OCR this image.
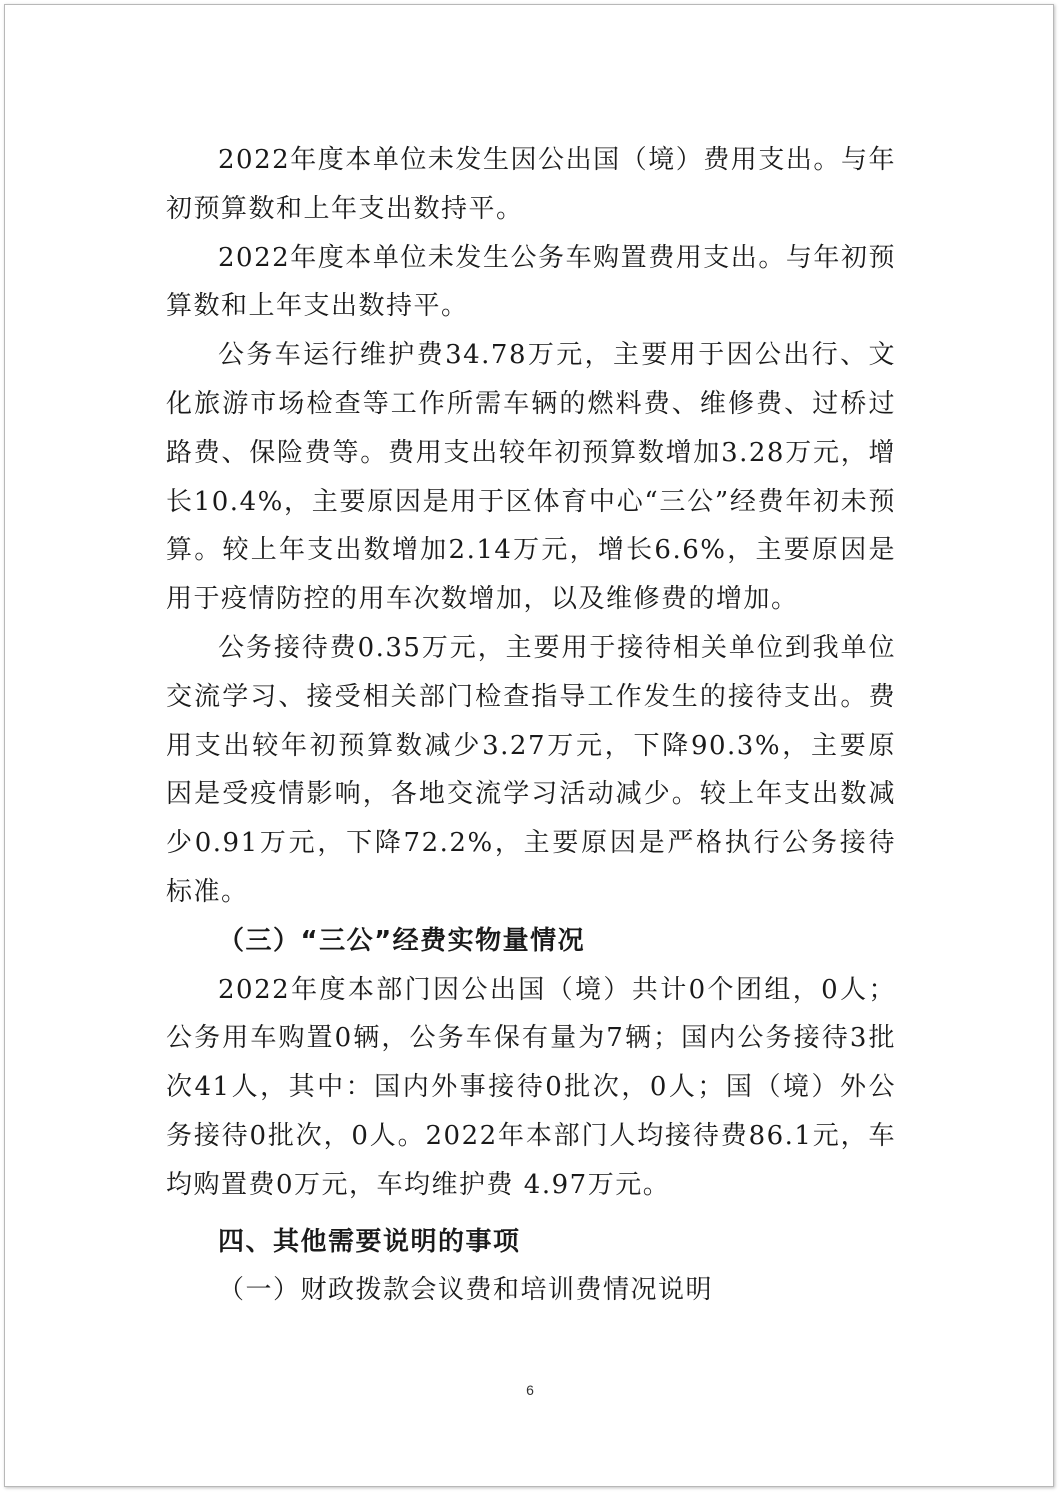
2022年度本单位未发生因公出国（境）费用支出。与年初预算数和上年支出数持平。

2022年度本单位未发生公务车购置费用支出。与年初预算数和上年支出数持平。

公务车运行维护费34.78万元，主要用于因公出行、文化旅游市场检查等工作所需车辆的燃料费、维修费、过桥过路费、保险费等。费用支出较年初预算数增加3.28万元，增长10.4%，主要原因是用于区体育中心“三公”经费年初未预算。较上年支出数增加2.14万元，增长6.6%，主要原因是用于疫情防控的用车次数增加，以及维修费的增加。

公务接待费0.35万元，主要用于接待相关单位到我单位交流学习、接受相关部门检查指导工作发生的接待支出。费用支出较年初预算数减少3.27万元，下降90.3%，主要原因是受疫情影响，各地交流学习活动减少。较上年支出数减少0.91万元，下降72.2%，主要原因是严格执行公务接待标准。

（三）“三公”经费实物量情况

2022年度本部门因公出国（境）共计0个团组，0人；公务用车购置0辆，公务车保有量为7辆；国内公务接待3批次41人，其中：国内外事接待0批次，0人；国（境）外公务接待0批次，0人。2022年本部门人均接待费86.1元，车均购置费0万元，车均维护费 4.97万元。

四、其他需要说明的事项

（一）财政拨款会议费和培训费情况说明

6
